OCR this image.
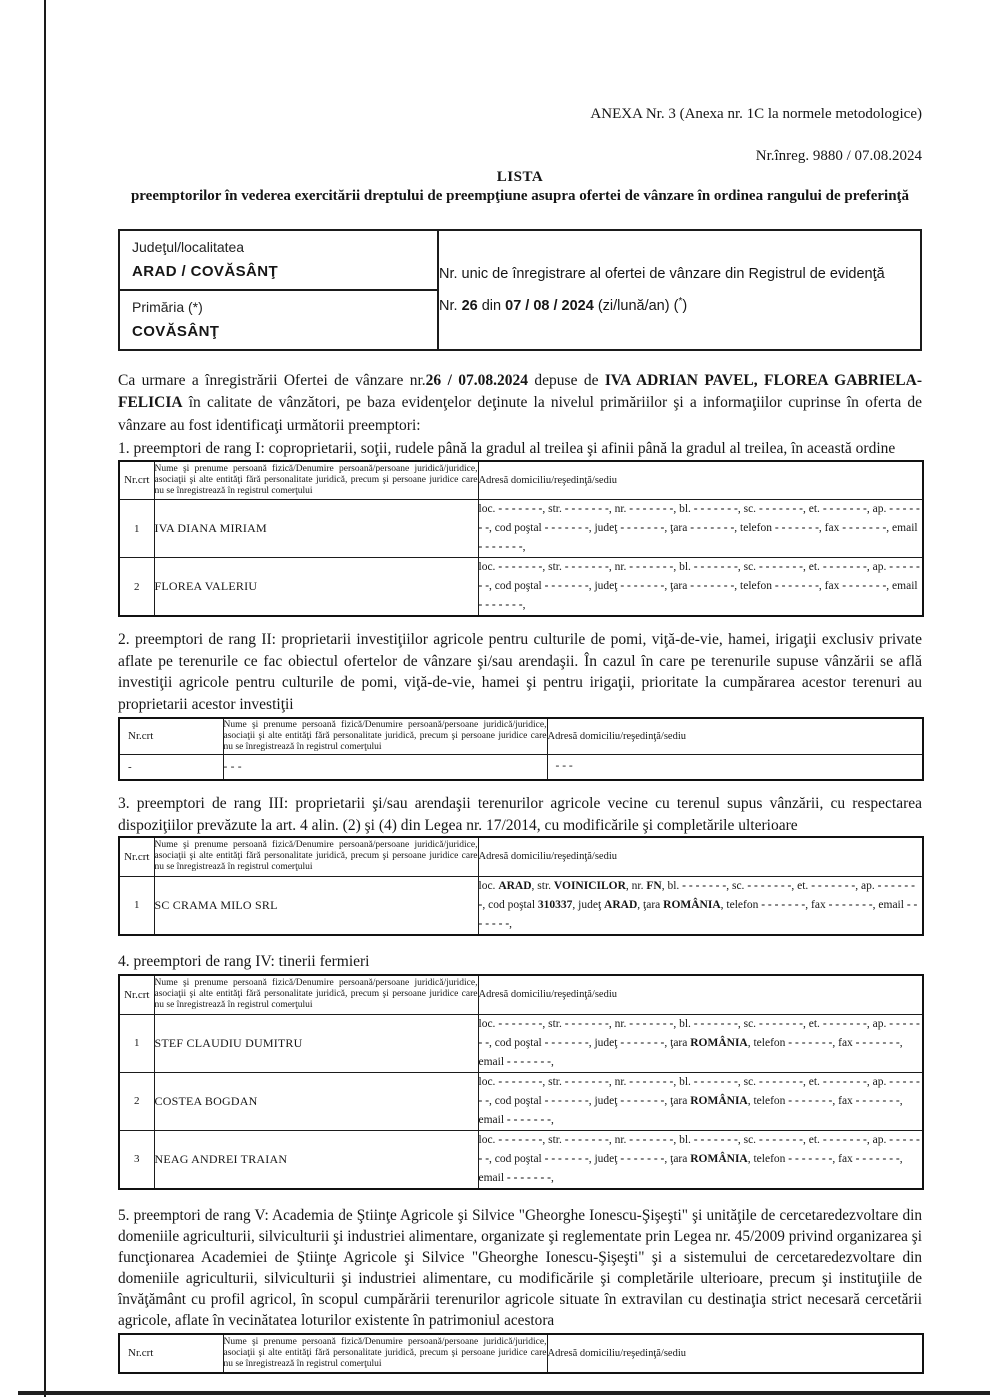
ANEXA Nr. 3 (Anexa nr. 1C la normele metodologice)
Nr.înreg. 9880 / 07.08.2024
LISTA
preemptorilor în vederea exercitării dreptului de preempţiune asupra ofertei de vânzare în ordinea rangului de preferinţă
Judeţul/localitatea
ARAD / COVĂSÂNŢ	Nr. unic de înregistrare al ofertei de vânzare din Registrul de evidenţă
Nr. 26 din 07 / 08 / 2024 (zi/lună/an) (*)

Primăria (*)
COVĂSÂNŢ
Ca urmare a înregistrării Ofertei de vânzare nr.26 / 07.08.2024 depuse de IVA ADRIAN PAVEL, FLOREA GABRIELA-FELICIA în calitate de vânzători, pe baza evidenţelor deţinute la nivelul primăriilor şi a informaţiilor cuprinse în oferta de vânzare au fost identificaţi următorii preemptori:
1. preemptori de rang I: coproprietarii, soţii, rudele până la gradul al treilea şi afinii până la gradul al treilea, în această ordine
Nr.crt	Nume şi prenume persoană fizică/Denumire persoană/persoane juridică/juridice, asociaţii şi alte entităţi fără personalitate juridică, precum şi persoane juridice care nu se înregistrează în registrul comerţului	Adresă domiciliu/reşedinţă/sediu
1	IVA DIANA MIRIAM	loc. - - - - - - -, str. - - - - - - -, nr. - - - - - - -, bl. - - - - - - -, sc. - - - - - - -, et. - - - - - - -, ap. - - - - - - -, cod poştal - - - - - - -, judeţ - - - - - - -, ţara - - - - - - -, telefon - - - - - - -, fax - - - - - - -, email - - - - - - -,
2	FLOREA VALERIU	loc. - - - - - - -, str. - - - - - - -, nr. - - - - - - -, bl. - - - - - - -, sc. - - - - - - -, et. - - - - - - -, ap. - - - - - - -, cod poştal - - - - - - -, judeţ - - - - - - -, ţara - - - - - - -, telefon - - - - - - -, fax - - - - - - -, email - - - - - - -,
2. preemptori de rang II: proprietarii investiţiilor agricole pentru culturile de pomi, viţă-de-vie, hamei, irigaţii exclusiv private aflate pe terenurile ce fac obiectul ofertelor de vânzare şi/sau arendaşii. În cazul în care pe terenurile supuse vânzării se află investiţii agricole pentru culturile de pomi, viţă-de-vie, hamei şi pentru irigaţii, prioritate la cumpărarea acestor terenuri au proprietarii acestor investiţii
Nr.crt	Nume şi prenume persoană fizică/Denumire persoană/persoane juridică/juridice, asociaţii şi alte entităţi fără personalitate juridică, precum şi persoane juridice care nu se înregistrează în registrul comerţului	Adresă domiciliu/reşedinţă/sediu
-	- - -	- - -
3. preemptori de rang III: proprietarii şi/sau arendaşii terenurilor agricole vecine cu terenul supus vânzării, cu respectarea dispoziţiilor prevăzute la art. 4 alin. (2) şi (4) din Legea nr. 17/2014, cu modificările şi completările ulterioare
Nr.crt	Nume şi prenume persoană fizică/Denumire persoană/persoane juridică/juridice, asociaţii şi alte entităţi fără personalitate juridică, precum şi persoane juridice care nu se înregistrează în registrul comerţului	Adresă domiciliu/reşedinţă/sediu
1	SC CRAMA MILO SRL	loc. ARAD, str. VOINICILOR, nr. FN, bl. - - - - - - -, sc. - - - - - - -, et. - - - - - - -, ap. - - - - - - -, cod poştal 310337, judeţ ARAD, ţara ROMÂNIA, telefon - - - - - - -, fax - - - - - - -, email - - - - - - -,
4. preemptori de rang IV: tinerii fermieri
Nr.crt	Nume şi prenume persoană fizică/Denumire persoană/persoane juridică/juridice, asociaţii şi alte entităţi fără personalitate juridică, precum şi persoane juridice care nu se înregistrează în registrul comerţului	Adresă domiciliu/reşedinţă/sediu
1	STEF CLAUDIU DUMITRU	loc. - - - - - - -, str. - - - - - - -, nr. - - - - - - -, bl. - - - - - - -, sc. - - - - - - -, et. - - - - - - -, ap. - - - - - - -, cod poştal - - - - - - -, judeţ - - - - - - -, ţara ROMÂNIA, telefon - - - - - - -, fax - - - - - - -, email - - - - - - -,
2	COSTEA BOGDAN	loc. - - - - - - -, str. - - - - - - -, nr. - - - - - - -, bl. - - - - - - -, sc. - - - - - - -, et. - - - - - - -, ap. - - - - - - -, cod poştal - - - - - - -, judeţ - - - - - - -, ţara ROMÂNIA, telefon - - - - - - -, fax - - - - - - -, email - - - - - - -,
3	NEAG ANDREI TRAIAN	loc. - - - - - - -, str. - - - - - - -, nr. - - - - - - -, bl. - - - - - - -, sc. - - - - - - -, et. - - - - - - -, ap. - - - - - - -, cod poştal - - - - - - -, judeţ - - - - - - -, ţara ROMÂNIA, telefon - - - - - - -, fax - - - - - - -, email - - - - - - -,
5. preemptori de rang V: Academia de Ştiinţe Agricole şi Silvice "Gheorghe Ionescu-Şişeşti" şi unităţile de cercetaredezvoltare din domeniile agriculturii, silviculturii şi industriei alimentare, organizate şi reglementate prin Legea nr. 45/2009 privind organizarea şi funcţionarea Academiei de Ştiinţe Agricole şi Silvice "Gheorghe Ionescu-Şişeşti" şi a sistemului de cercetaredezvoltare din domeniile agriculturii, silviculturii şi industriei alimentare, cu modificările şi completările ulterioare, precum şi instituţiile de învăţământ cu profil agricol, în scopul cumpărării terenurilor agricole situate în extravilan cu destinaţia strict necesară cercetării agricole, aflate în vecinătatea loturilor existente în patrimoniul acestora
Nr.crt	Nume şi prenume persoană fizică/Denumire persoană/persoane juridică/juridice, asociaţii şi alte entităţi fără personalitate juridică, precum şi persoane juridice care nu se înregistrează în registrul comerţului	Adresă domiciliu/reşedinţă/sediu
